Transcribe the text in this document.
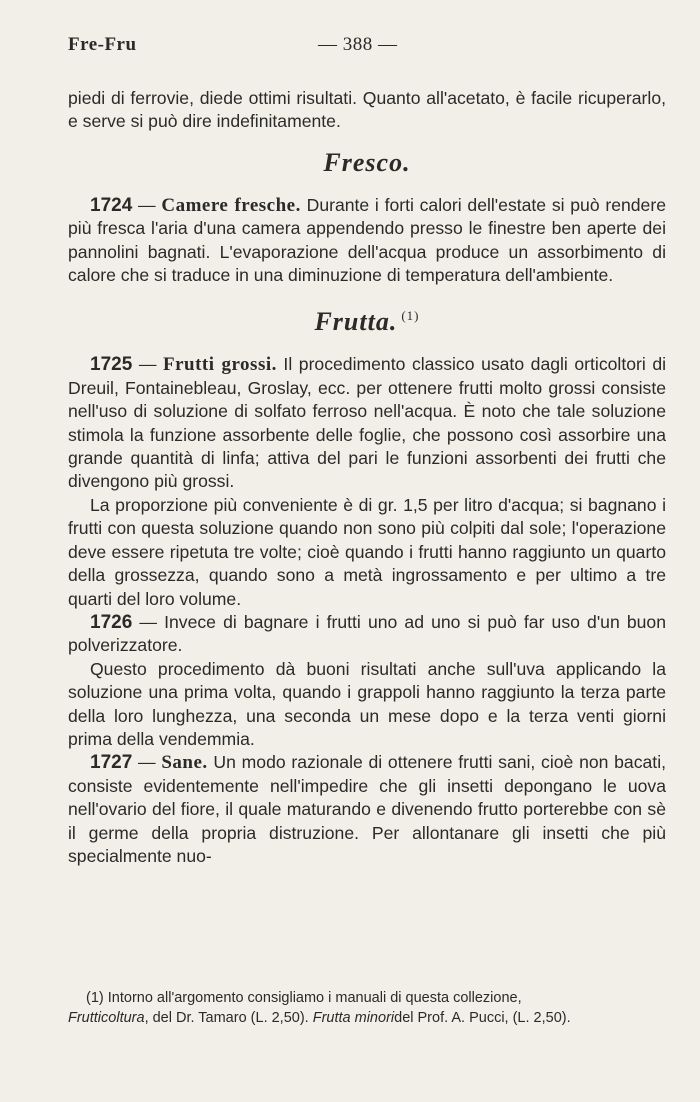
Fre-Fru	— 388 —

piedi di ferrovie, diede ottimi risultati. Quanto all'acetato, è facile ricuperarlo, e serve si può dire indefinitamente.

Fresco.

1724 — Camere fresche. Durante i forti calori dell'estate si può rendere più fresca l'aria d'una camera appendendo presso le finestre ben aperte dei pannolini bagnati. L'evaporazione dell'acqua produce un assorbimento di calore che si traduce in una diminuzione di temperatura dell'ambiente.

Frutta. $^{(1)}$

1725 — Frutti grossi. Il procedimento classico usato dagli orticoltori di Dreuil, Fontainebleau, Groslay, ecc. per ottenere frutti molto grossi consiste nell'uso di soluzione di solfato ferroso nell'acqua. È noto che tale soluzione stimola la funzione assorbente delle foglie, che possono così assorbire una grande quantità di linfa; attiva del pari le funzioni assorbenti dei frutti che divengono più grossi.

La proporzione più conveniente è di gr. 1,5 per litro d'acqua; si bagnano i frutti con questa soluzione quando non sono più colpiti dal sole; l'operazione deve essere ripetuta tre volte; cioè quando i frutti hanno raggiunto un quarto della grossezza, quando sono a metà ingrossamento e per ultimo a tre quarti del loro volume.

1726 — Invece di bagnare i frutti uno ad uno si può far uso d'un buon polverizzatore.

Questo procedimento dà buoni risultati anche sull'uva applicando la soluzione una prima volta, quando i grappoli hanno raggiunto la terza parte della loro lunghezza, una seconda un mese dopo e la terza venti giorni prima della vendemmia.

1727 — Sane. Un modo razionale di ottenere frutti sani, cioè non bacati, consiste evidentemente nell'impedire che gli insetti depongano le uova nell'ovario del fiore, il quale maturando e divenendo frutto porterebbe con sè il germe della propria distruzione. Per allontanare gli insetti che più specialmente nuo-

(1) Intorno all'argomento consigliamo i manuali di questa collezione,
Frutticoltura, del Dr. Tamaro (L. 2,50). Frutta minoridel Prof. A. Pucci, (L. 2,50).
